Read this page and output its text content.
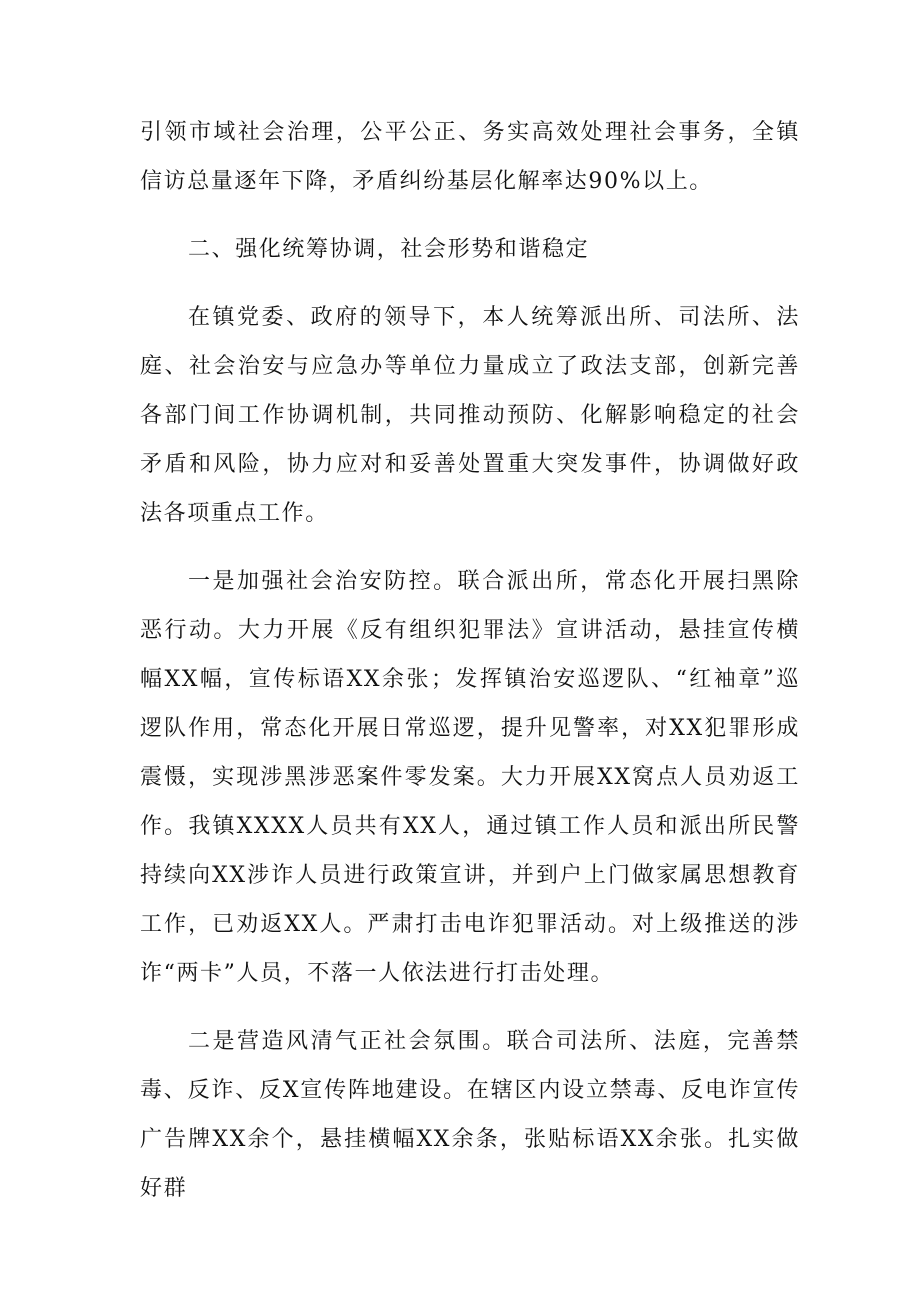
引领市域社会治理，公平公正、务实高效处理社会事务，全镇信访总量逐年下降，矛盾纠纷基层化解率达90%以上。

二、强化统筹协调，社会形势和谐稳定

在镇党委、政府的领导下，本人统筹派出所、司法所、法庭、社会治安与应急办等单位力量成立了政法支部，创新完善各部门间工作协调机制，共同推动预防、化解影响稳定的社会矛盾和风险，协力应对和妥善处置重大突发事件，协调做好政法各项重点工作。

一是加强社会治安防控。联合派出所，常态化开展扫黑除恶行动。大力开展《反有组织犯罪法》宣讲活动，悬挂宣传横幅XX幅，宣传标语XX余张；发挥镇治安巡逻队、“红袖章”巡逻队作用，常态化开展日常巡逻，提升见警率，对XX犯罪形成震慑，实现涉黑涉恶案件零发案。大力开展XX窝点人员劝返工作。我镇XXXX人员共有XX人，通过镇工作人员和派出所民警持续向XX涉诈人员进行政策宣讲，并到户上门做家属思想教育工作，已劝返XX人。严肃打击电诈犯罪活动。对上级推送的涉诈“两卡”人员，不落一人依法进行打击处理。

二是营造风清气正社会氛围。联合司法所、法庭，完善禁毒、反诈、反X宣传阵地建设。在辖区内设立禁毒、反电诈宣传广告牌XX余个，悬挂横幅XX余条，张贴标语XX余张。扎实做好群
